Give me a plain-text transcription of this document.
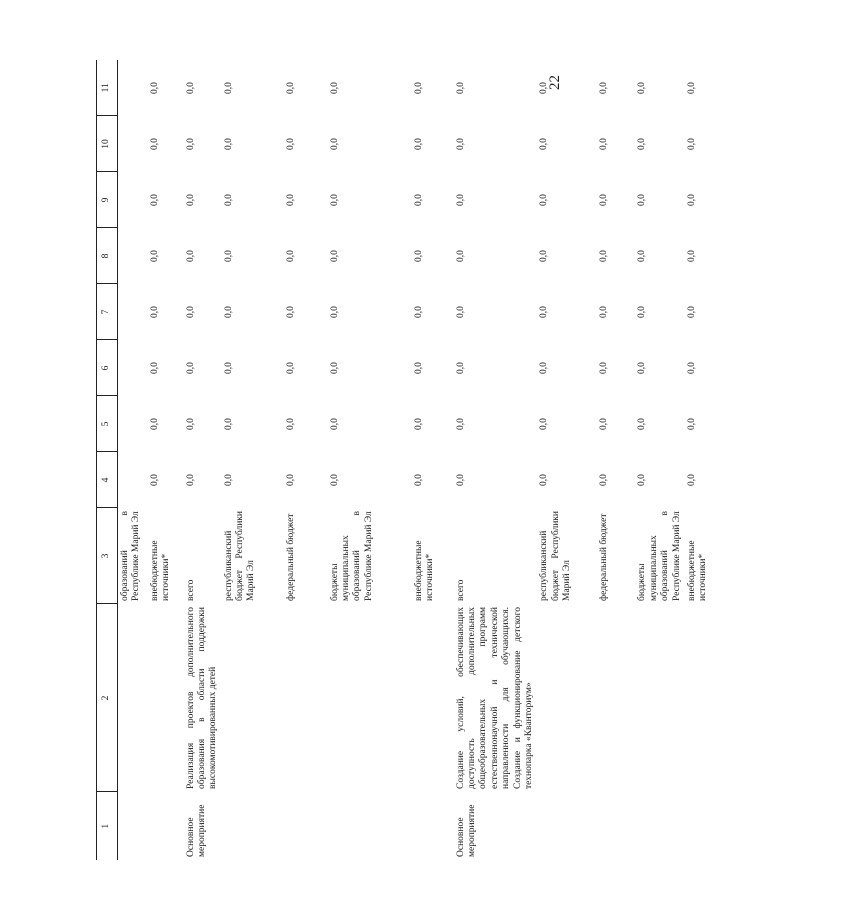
22
1	2	3	4	5	6	7	8	9	10	11
		образований в Республике Марий Эл								
		внебюджетные источники*	0,0	0,0	0,0	0,0	0,0	0,0	0,0	0,0
Основное мероприятие	Реализация проектов дополнительного образования в области поддержки высокомотивированных детей	всего	0,0	0,0	0,0	0,0	0,0	0,0	0,0	0,0
		республиканский бюджет Республики Марий Эл	0,0	0,0	0,0	0,0	0,0	0,0	0,0	0,0
		федеральный бюджет	0,0	0,0	0,0	0,0	0,0	0,0	0,0	0,0
		бюджеты муниципальных образований в Республике Марий Эл	0,0	0,0	0,0	0,0	0,0	0,0	0,0	0,0
		внебюджетные источники*	0,0	0,0	0,0	0,0	0,0	0,0	0,0	0,0
Основное мероприятие	Создание условий, обеспечивающих доступность дополнительных общеобразовательных программ естественнонаучной и технической направленности для обучающихся. Создание и функционирование детского технопарка «Кванториум»	всего	0,0	0,0	0,0	0,0	0,0	0,0	0,0	0,0
		республиканский бюджет Республики Марий Эл	0,0	0,0	0,0	0,0	0,0	0,0	0,0	0,0
		федеральный бюджет	0,0	0,0	0,0	0,0	0,0	0,0	0,0	0,0
		бюджеты муниципальных образований в Республике Марий Эл	0,0	0,0	0,0	0,0	0,0	0,0	0,0	0,0
		внебюджетные источники*	0,0	0,0	0,0	0,0	0,0	0,0	0,0	0,0
